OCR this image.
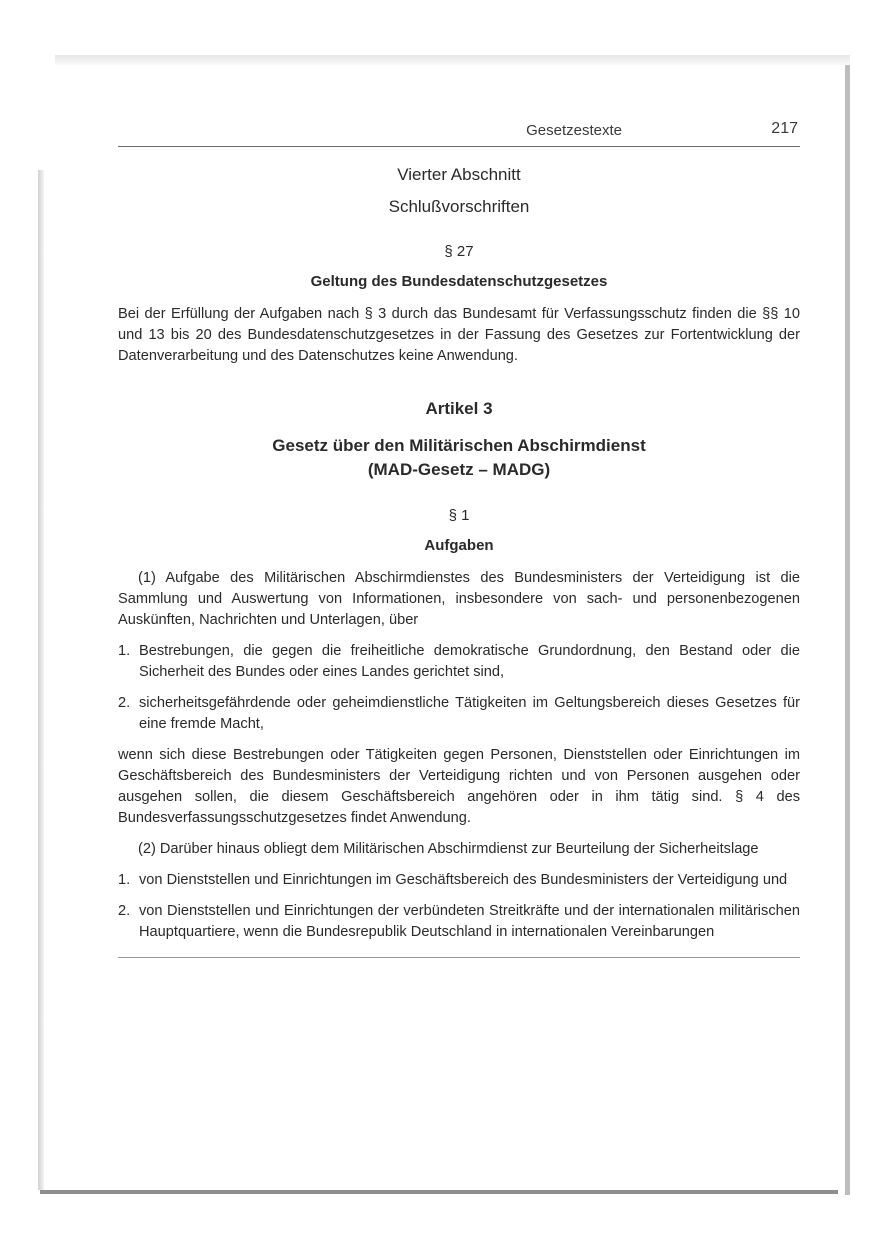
Gesetzestexte	217

Vierter Abschnitt

Schlußvorschriften

§ 27

Geltung des Bundesdatenschutzgesetzes

Bei der Erfüllung der Aufgaben nach § 3 durch das Bundesamt für Verfassungsschutz finden die §§ 10 und 13 bis 20 des Bundesdatenschutzgesetzes in der Fassung des Gesetzes zur Fortentwicklung der Datenverarbeitung und des Datenschutzes keine Anwendung.

Artikel 3

Gesetz über den Militärischen Abschirmdienst
(MAD-Gesetz – MADG)

§ 1

Aufgaben

(1) Aufgabe des Militärischen Abschirmdienstes des Bundesministers der Verteidigung ist die Sammlung und Auswertung von Informationen, insbesondere von sach- und personenbezogenen Auskünften, Nachrichten und Unterlagen, über

1. Bestrebungen, die gegen die freiheitliche demokratische Grundordnung, den Bestand oder die Sicherheit des Bundes oder eines Landes gerichtet sind,
2. sicherheitsgefährdende oder geheimdienstliche Tätigkeiten im Geltungsbereich dieses Gesetzes für eine fremde Macht,

wenn sich diese Bestrebungen oder Tätigkeiten gegen Personen, Dienststellen oder Einrichtungen im Geschäftsbereich des Bundesministers der Verteidigung richten und von Personen ausgehen oder ausgehen sollen, die diesem Geschäftsbereich angehören oder in ihm tätig sind. § 4 des Bundesverfassungsschutzgesetzes findet Anwendung.

(2) Darüber hinaus obliegt dem Militärischen Abschirmdienst zur Beurteilung der Sicherheitslage

1. von Dienststellen und Einrichtungen im Geschäftsbereich des Bundesministers der Verteidigung und
2. von Dienststellen und Einrichtungen der verbündeten Streitkräfte und der internationalen militärischen Hauptquartiere, wenn die Bundesrepublik Deutschland in internationalen Vereinbarungen
